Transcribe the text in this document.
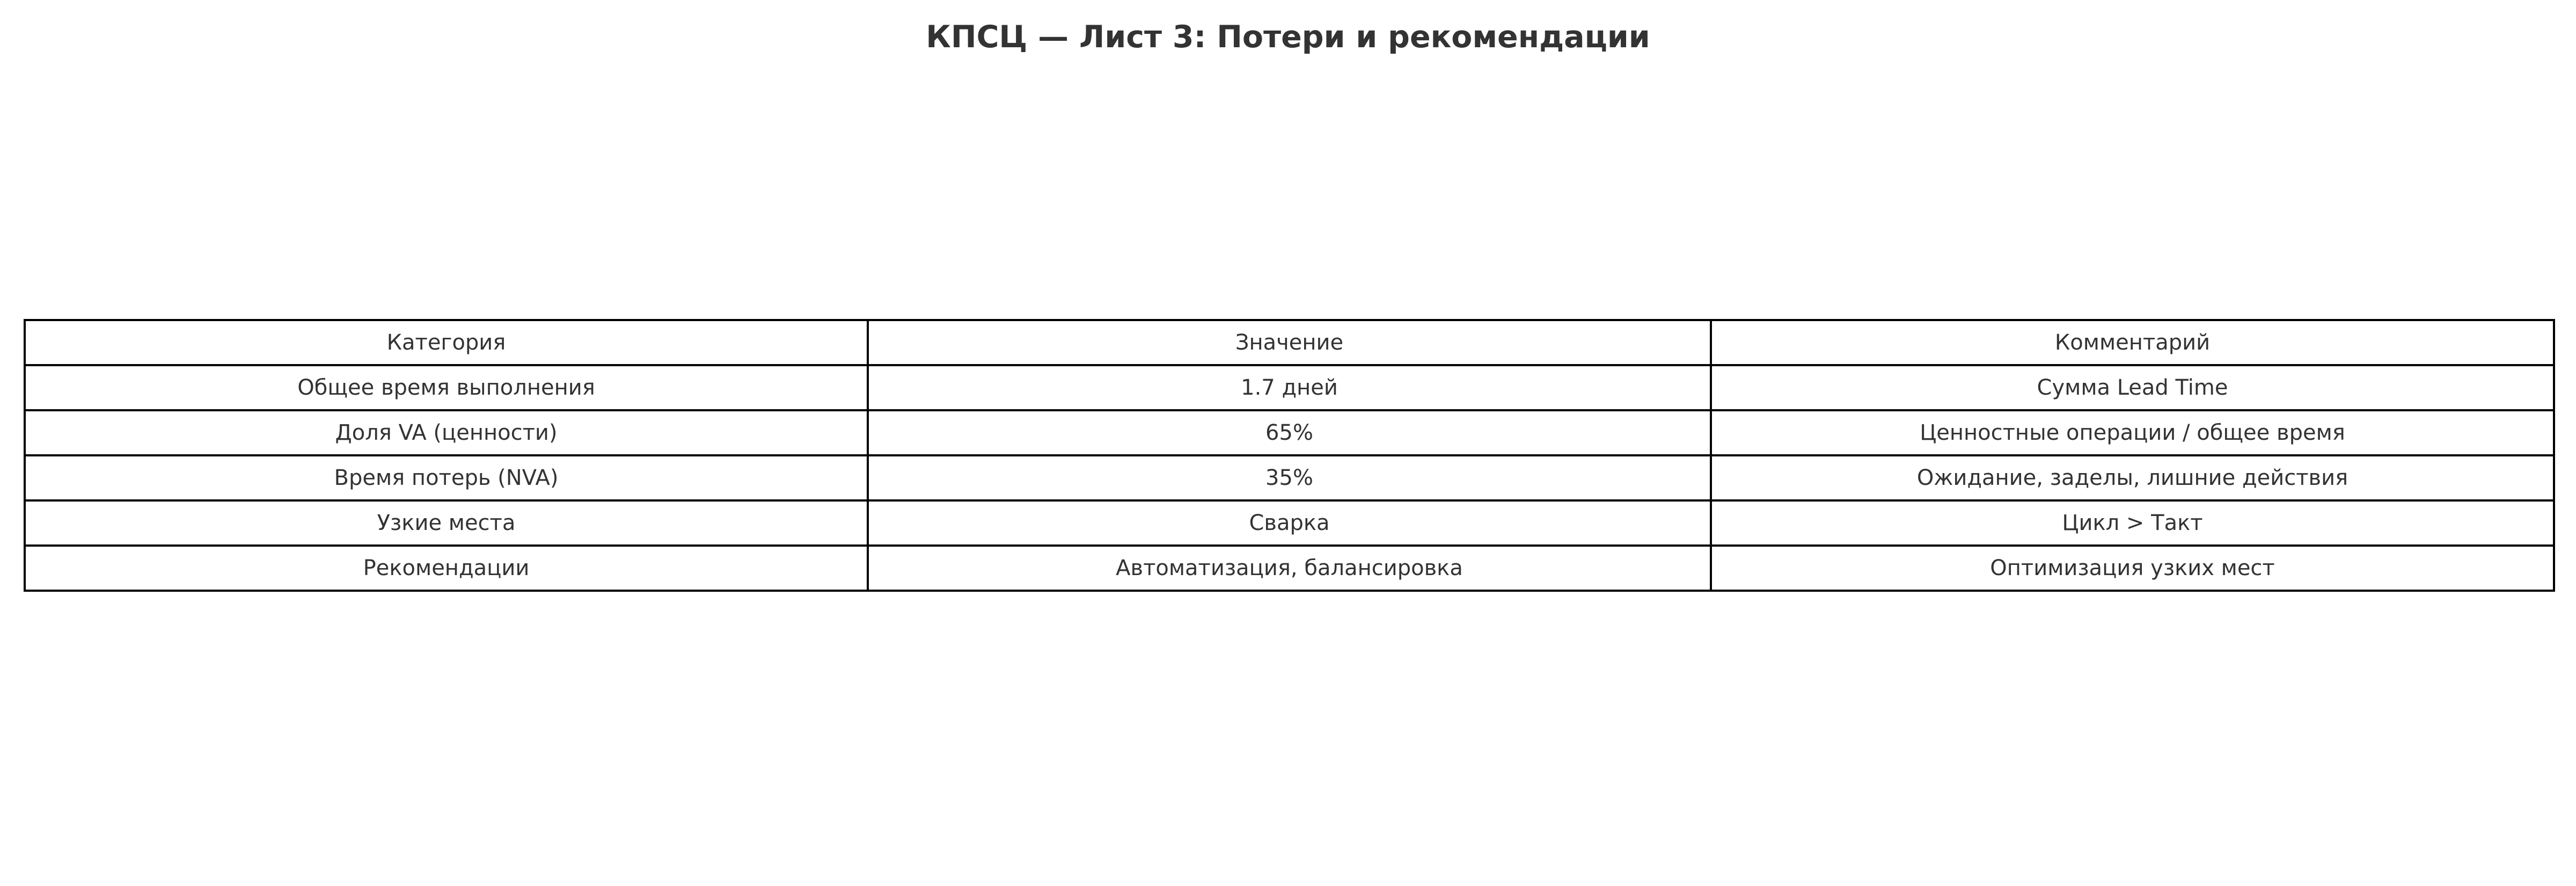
КПСЦ — Лист 3: Потери и рекомендации
Категория	Значение	Комментарий
Общее время выполнения	1.7 дней	Сумма Lead Time
Доля VA (ценности)	65%	Ценностные операции / общее время
Время потерь (NVA)	35%	Ожидание, заделы, лишние действия
Узкие места	Сварка	Цикл > Такт
Рекомендации	Автоматизация, балансировка	Оптимизация узких мест
